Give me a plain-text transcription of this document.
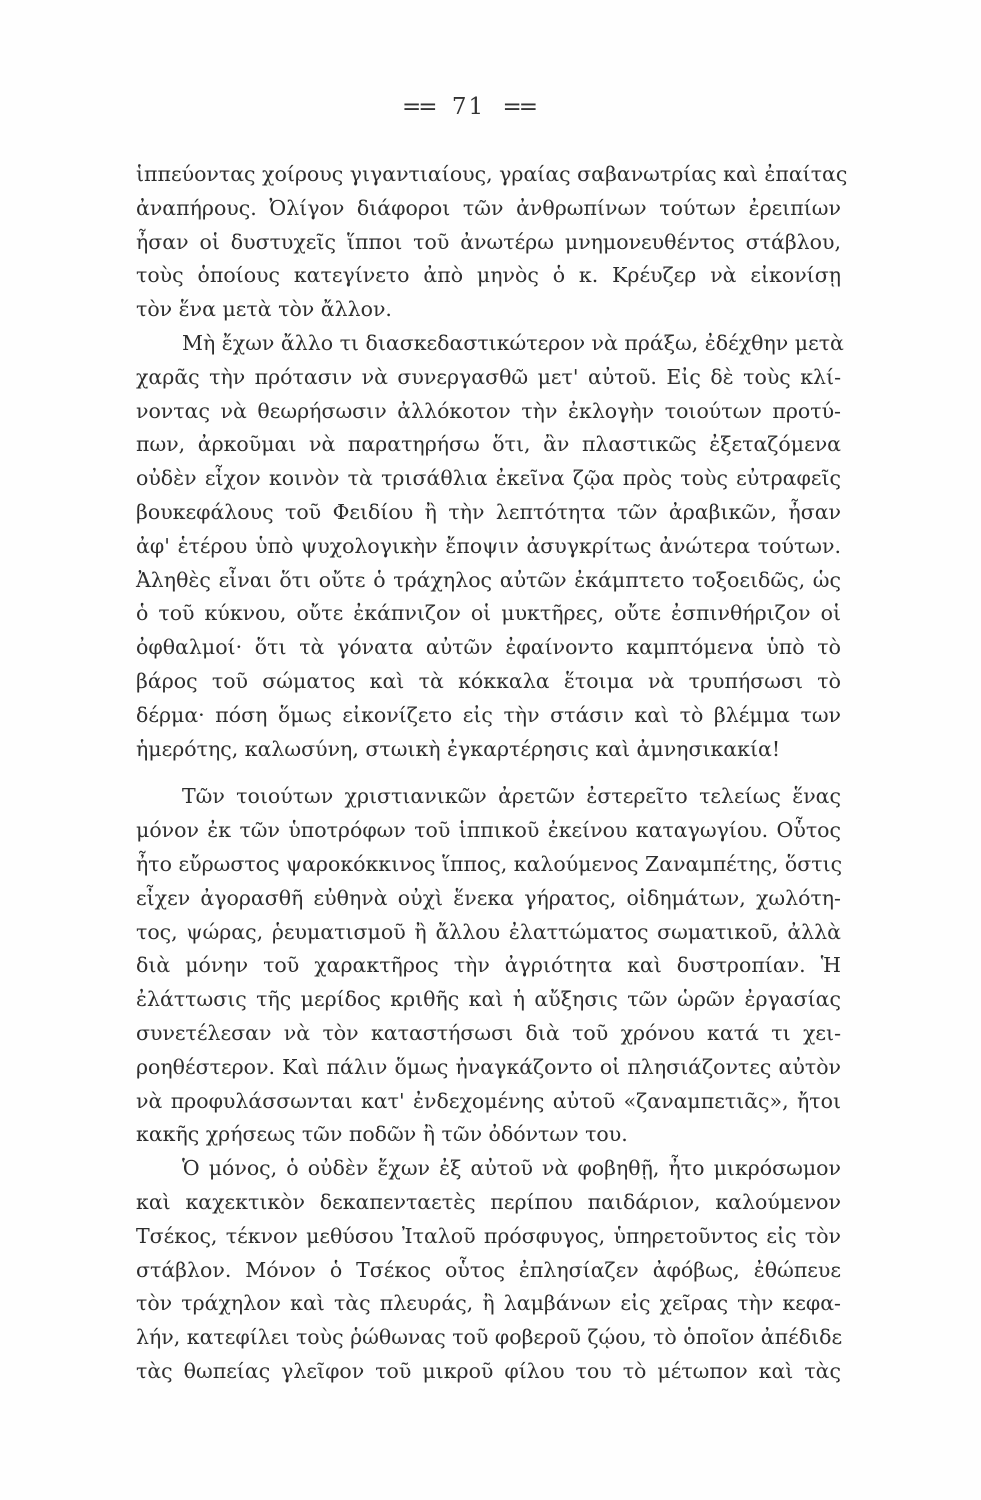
== 71 ==
ἱππεύοντας χοίρους γιγαντιαίους, γραίας σαβανωτρίας καὶ ἐπαίτας
ἀναπήρους. Ὀλίγον διάφοροι τῶν ἀνθρωπίνων τούτων ἐρειπίων
ἦσαν οἱ δυστυχεῖς ἵπποι τοῦ ἀνωτέρω μνημονευθέντος στάβλου,
τοὺς ὁποίους κατεγίνετο ἀπὸ μηνὸς ὁ κ. Κρέυζερ νὰ εἰκονίσῃ
τὸν ἕνα μετὰ τὸν ἄλλον.
Μὴ ἔχων ἄλλο τι διασκεδαστικώτερον νὰ πράξω, ἐδέχθην μετὰ
χαρᾶς τὴν πρότασιν νὰ συνεργασθῶ μετ' αὐτοῦ. Εἰς δὲ τοὺς κλί-
νοντας νὰ θεωρήσωσιν ἀλλόκοτον τὴν ἐκλογὴν τοιούτων προτύ-
πων, ἀρκοῦμαι νὰ παρατηρήσω ὅτι, ἂν πλαστικῶς ἐξεταζόμενα
οὐδὲν εἶχον κοινὸν τὰ τρισάθλια ἐκεῖνα ζῷα πρὸς τοὺς εὐτραφεῖς
βουκεφάλους τοῦ Φειδίου ἢ τὴν λεπτότητα τῶν ἀραβικῶν, ἦσαν
ἀφ' ἑτέρου ὑπὸ ψυχολογικὴν ἔποψιν ἀσυγκρίτως ἀνώτερα τούτων.
Ἀληθὲς εἶναι ὅτι οὔτε ὁ τράχηλος αὐτῶν ἐκάμπτετο τοξοειδῶς, ὡς
ὁ τοῦ κύκνου, οὔτε ἐκάπνιζον οἱ μυκτῆρες, οὔτε ἐσπινθήριζον οἱ
ὀφθαλμοί· ὅτι τὰ γόνατα αὐτῶν ἐφαίνοντο καμπτόμενα ὑπὸ τὸ
βάρος τοῦ σώματος καὶ τὰ κόκκαλα ἕτοιμα νὰ τρυπήσωσι τὸ
δέρμα· πόση ὅμως εἰκονίζετο εἰς τὴν στάσιν καὶ τὸ βλέμμα των
ἡμερότης, καλωσύνη, στωικὴ ἐγκαρτέρησις καὶ ἀμνησικακία!
Τῶν τοιούτων χριστιανικῶν ἀρετῶν ἐστερεῖτο τελείως ἕνας
μόνον ἐκ τῶν ὑποτρόφων τοῦ ἱππικοῦ ἐκείνου καταγωγίου. Οὗτος
ἦτο εὔρωστος ψαροκόκκινος ἵππος, καλούμενος Ζαναμπέτης, ὅστις
εἶχεν ἀγορασθῆ εὐθηνὰ οὐχὶ ἕνεκα γήρατος, οἰδημάτων, χωλότη-
τος, ψώρας, ῥευματισμοῦ ἢ ἄλλου ἐλαττώματος σωματικοῦ, ἀλλὰ
διὰ μόνην τοῦ χαρακτῆρος τὴν ἀγριότητα καὶ δυστροπίαν. Ἡ
ἐλάττωσις τῆς μερίδος κριθῆς καὶ ἡ αὔξησις τῶν ὡρῶν ἐργασίας
συνετέλεσαν νὰ τὸν καταστήσωσι διὰ τοῦ χρόνου κατά τι χει-
ροηθέστερον. Καὶ πάλιν ὅμως ἠναγκάζοντο οἱ πλησιάζοντες αὐτὸν
νὰ προφυλάσσωνται κατ' ἐνδεχομένης αὐτοῦ «ζαναμπετιᾶς», ἤτοι
κακῆς χρήσεως τῶν ποδῶν ἢ τῶν ὀδόντων του.
Ὁ μόνος, ὁ οὐδὲν ἔχων ἐξ αὐτοῦ νὰ φοβηθῇ, ἦτο μικρόσωμον
καὶ καχεκτικὸν δεκαπενταετὲς περίπου παιδάριον, καλούμενον
Τσέκος, τέκνον μεθύσου Ἰταλοῦ πρόσφυγος, ὑπηρετοῦντος εἰς τὸν
στάβλον. Μόνον ὁ Τσέκος οὗτος ἐπλησίαζεν ἀφόβως, ἐθώπευε
τὸν τράχηλον καὶ τὰς πλευράς, ἢ λαμβάνων εἰς χεῖρας τὴν κεφα-
λήν, κατεφίλει τοὺς ῥώθωνας τοῦ φοβεροῦ ζῴου, τὸ ὁποῖον ἀπέδιδε
τὰς θωπείας γλεῖφον τοῦ μικροῦ φίλου του τὸ μέτωπον καὶ τὰς
